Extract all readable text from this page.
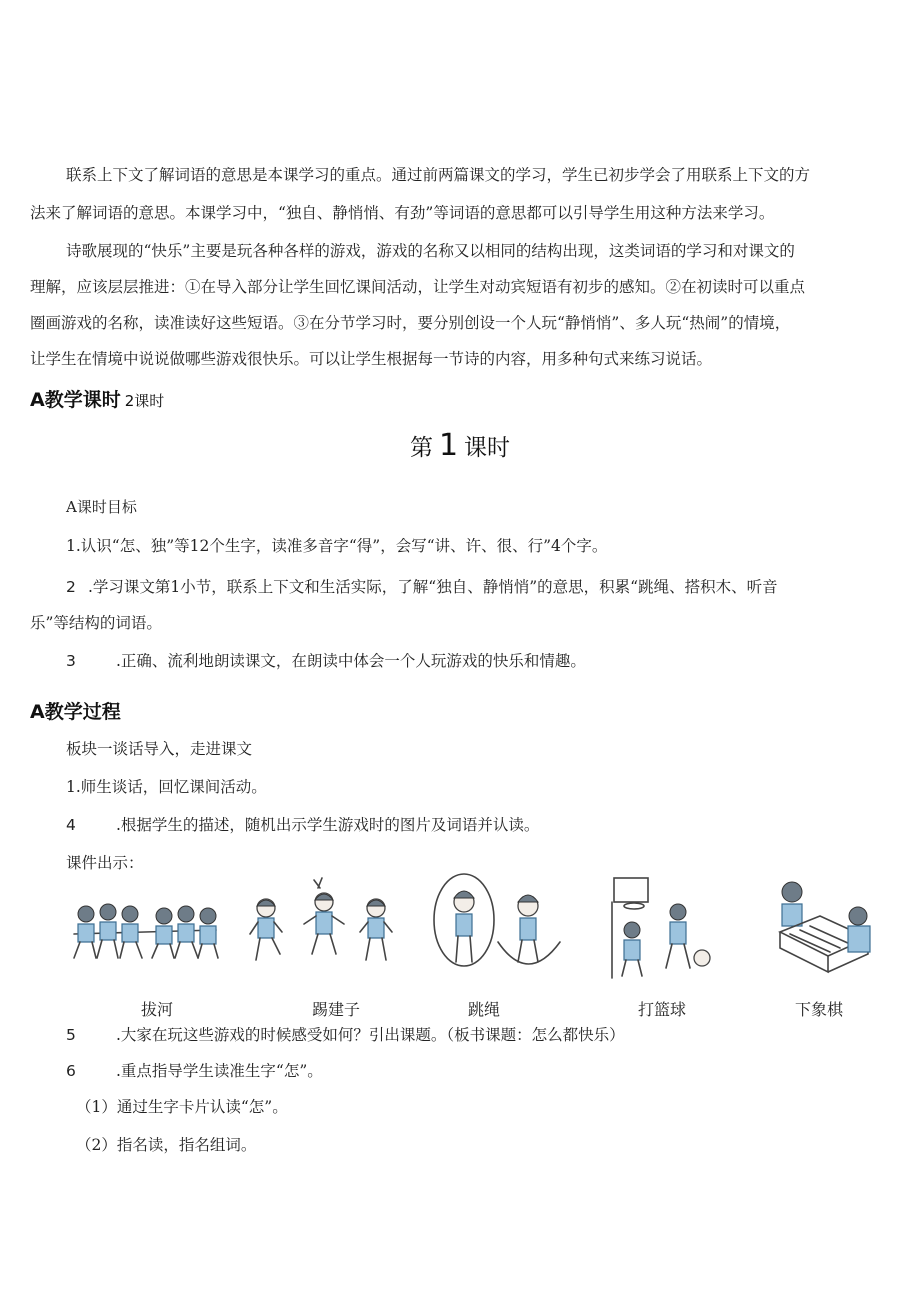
联系上下文了解词语的意思是本课学习的重点。通过前两篇课文的学习，学生已初步学会了用联系上下文的方
法来了解词语的意思。本课学习中，“独自、静悄悄、有劲”等词语的意思都可以引导学生用这种方法来学习。
诗歌展现的“快乐”主要是玩各种各样的游戏，游戏的名称又以相同的结构出现，这类词语的学习和对课文的
理解，应该层层推进：①在导入部分让学生回忆课间活动，让学生对动宾短语有初步的感知。②在初读时可以重点
圈画游戏的名称，读准读好这些短语。③在分节学习时，要分别创设一个人玩“静悄悄”、多人玩“热闹”的情境，
让学生在情境中说说做哪些游戏很快乐。可以让学生根据每一节诗的内容，用多种句式来练习说话。
A教学课时 2课时
第 1 课时
A课时目标
1.认识“怎、独”等12个生字，读准多音字“得”，会写“讲、许、很、行”4个字。
2 .学习课文第1小节，联系上下文和生活实际，了解“独自、静悄悄”的意思，积累“跳绳、搭积木、听音
乐”等结构的词语。
3	.正确、流利地朗读课文，在朗读中体会一个人玩游戏的快乐和情趣。
A教学过程
板块一谈话导入，走进课文
1.师生谈话，回忆课间活动。
4	.根据学生的描述，随机出示学生游戏时的图片及词语并认读。
课件出示：
拔河	踢建子	跳绳	打篮球	下象棋
5	.大家在玩这些游戏的时候感受如何？引出课题。（板书课题：怎么都快乐）
6	.重点指导学生读准生字“怎”。
（1）通过生字卡片认读“怎”。
（2）指名读，指名组词。
